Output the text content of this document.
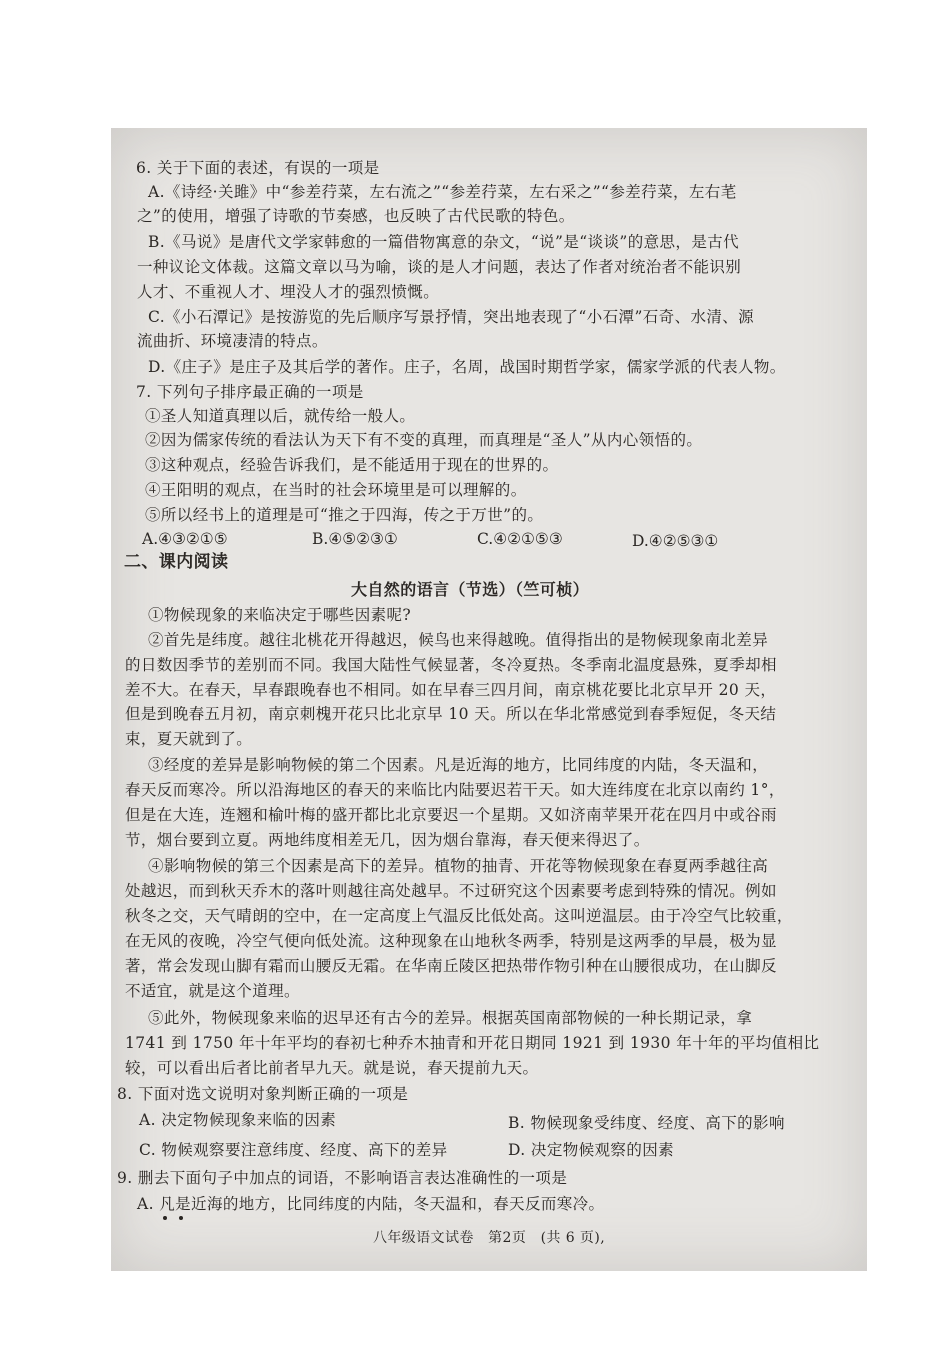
6. 关于下面的表述，有误的一项是
A.《诗经·关雎》中“参差荇菜，左右流之”“参差荇菜，左右采之”“参差荇菜，左右芼
之”的使用，增强了诗歌的节奏感，也反映了古代民歌的特色。
B.《马说》是唐代文学家韩愈的一篇借物寓意的杂文，“说”是“谈谈”的意思，是古代
一种议论文体裁。这篇文章以马为喻，谈的是人才问题，表达了作者对统治者不能识别
人才、不重视人才、埋没人才的强烈愤慨。
C.《小石潭记》是按游览的先后顺序写景抒情，突出地表现了“小石潭”石奇、水清、源
流曲折、环境凄清的特点。
D.《庄子》是庄子及其后学的著作。庄子，名周，战国时期哲学家，儒家学派的代表人物。
7. 下列句子排序最正确的一项是
①圣人知道真理以后，就传给一般人。
②因为儒家传统的看法认为天下有不变的真理，而真理是“圣人”从内心领悟的。
③这种观点，经验告诉我们，是不能适用于现在的世界的。
④王阳明的观点，在当时的社会环境里是可以理解的。
⑤所以经书上的道理是可“推之于四海，传之于万世”的。
A.④③②①⑤	B.④⑤②③①	C.④②①⑤③	D.④②⑤③①
二、课内阅读
大自然的语言（节选）（竺可桢）
①物候现象的来临决定于哪些因素呢?
②首先是纬度。越往北桃花开得越迟，候鸟也来得越晚。值得指出的是物候现象南北差异
的日数因季节的差别而不同。我国大陆性气候显著，冬冷夏热。冬季南北温度悬殊，夏季却相
差不大。在春天，早春跟晚春也不相同。如在早春三四月间，南京桃花要比北京早开 20 天，
但是到晚春五月初，南京刺槐开花只比北京早 10 天。所以在华北常感觉到春季短促，冬天结
束，夏天就到了。
③经度的差异是影响物候的第二个因素。凡是近海的地方，比同纬度的内陆，冬天温和，
春天反而寒冷。所以沿海地区的春天的来临比内陆要迟若干天。如大连纬度在北京以南约 1°，
但是在大连，连翘和榆叶梅的盛开都比北京要迟一个星期。又如济南苹果开花在四月中或谷雨
节，烟台要到立夏。两地纬度相差无几，因为烟台靠海，春天便来得迟了。
④影响物候的第三个因素是高下的差异。植物的抽青、开花等物候现象在春夏两季越往高
处越迟，而到秋天乔木的落叶则越往高处越早。不过研究这个因素要考虑到特殊的情况。例如
秋冬之交，天气晴朗的空中，在一定高度上气温反比低处高。这叫逆温层。由于冷空气比较重，
在无风的夜晚，冷空气便向低处流。这种现象在山地秋冬两季，特别是这两季的早晨，极为显
著，常会发现山脚有霜而山腰反无霜。在华南丘陵区把热带作物引种在山腰很成功，在山脚反
不适宜，就是这个道理。
⑤此外，物候现象来临的迟早还有古今的差异。根据英国南部物候的一种长期记录，拿
1741 到 1750 年十年平均的春初七种乔木抽青和开花日期同 1921 到 1930 年十年的平均值相比
较，可以看出后者比前者早九天。就是说，春天提前九天。
8. 下面对选文说明对象判断正确的一项是
A. 决定物候现象来临的因素	B. 物候现象受纬度、经度、高下的影响
C. 物候观察要注意纬度、经度、高下的差异	D. 决定物候观察的因素
9. 删去下面句子中加点的词语，不影响语言表达准确性的一项是
A. 凡是近海的地方，比同纬度的内陆，冬天温和，春天反而寒冷。
八年级语文试卷　第2页　(共 6 页),
